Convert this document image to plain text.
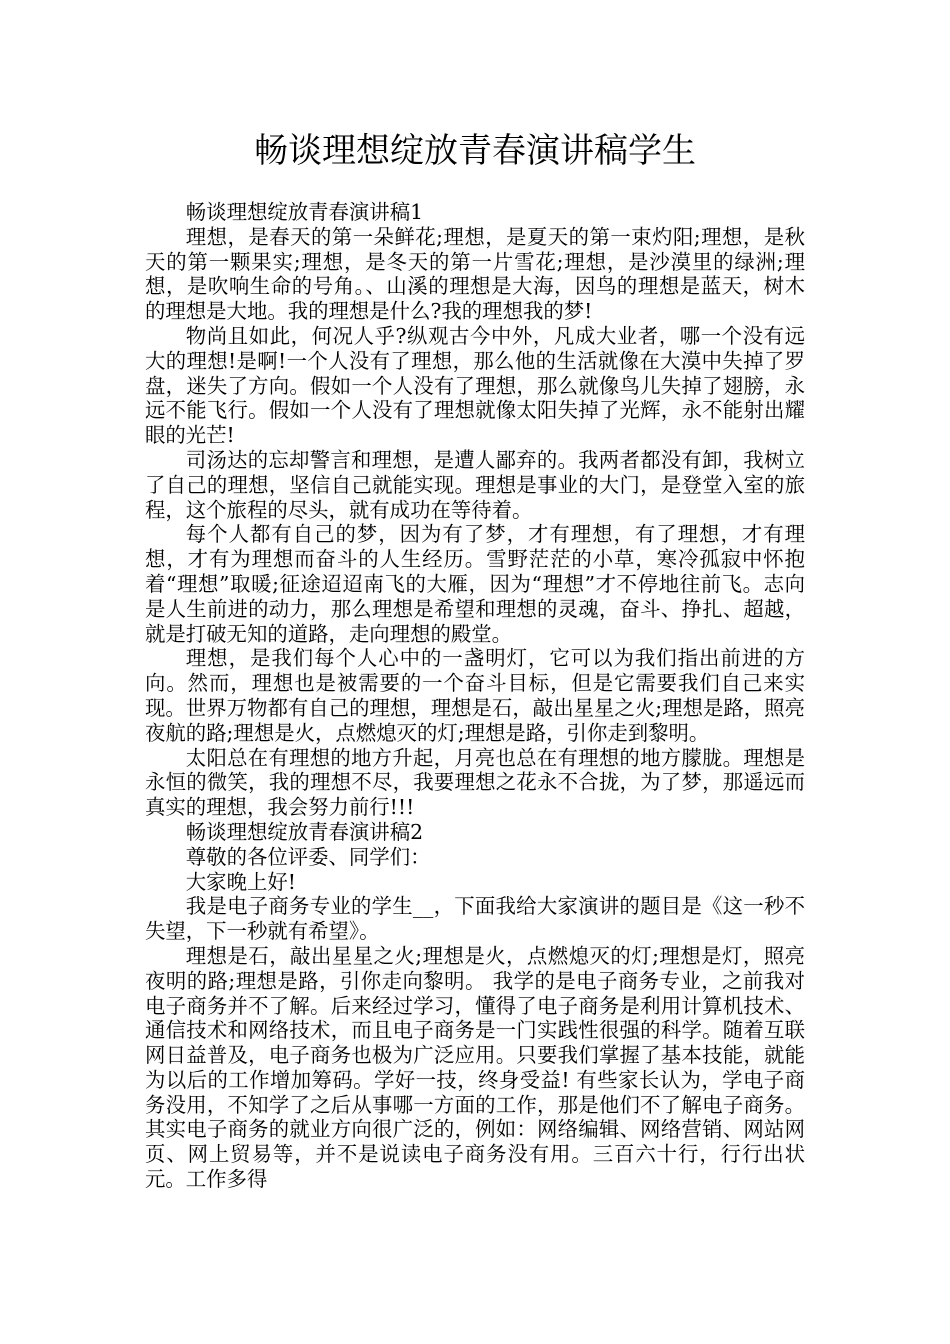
畅谈理想绽放青春演讲稿学生

畅谈理想绽放青春演讲稿1

理想，是春天的第一朵鲜花;理想，是夏天的第一束灼阳;理想，是秋天的第一颗果实;理想，是冬天的第一片雪花;理想，是沙漠里的绿洲;理想，是吹响生命的号角。、山溪的理想是大海，因鸟的理想是蓝天，树木的理想是大地。我的理想是什么?我的理想我的梦!

物尚且如此，何况人乎?纵观古今中外，凡成大业者，哪一个没有远大的理想!是啊!一个人没有了理想，那么他的生活就像在大漠中失掉了罗盘，迷失了方向。假如一个人没有了理想，那么就像鸟儿失掉了翅膀，永远不能飞行。假如一个人没有了理想就像太阳失掉了光辉，永不能射出耀眼的光芒!

司汤达的忘却警言和理想，是遭人鄙弃的。我两者都没有卸，我树立了自己的理想，坚信自己就能实现。理想是事业的大门，是登堂入室的旅程，这个旅程的尽头，就有成功在等待着。

每个人都有自己的梦，因为有了梦，才有理想，有了理想，才有理想，才有为理想而奋斗的人生经历。雪野茫茫的小草，寒冷孤寂中怀抱着“理想”取暖;征途迢迢南飞的大雁，因为“理想”才不停地往前飞。志向是人生前进的动力，那么理想是希望和理想的灵魂，奋斗、挣扎、超越，就是打破无知的道路，走向理想的殿堂。

理想，是我们每个人心中的一盏明灯，它可以为我们指出前进的方向。然而，理想也是被需要的一个奋斗目标，但是它需要我们自己来实现。世界万物都有自己的理想，理想是石，敲出星星之火;理想是路，照亮夜航的路;理想是火，点燃熄灭的灯;理想是路，引你走到黎明。

太阳总在有理想的地方升起，月亮也总在有理想的地方朦胧。理想是永恒的微笑，我的理想不尽，我要理想之花永不合拢，为了梦，那遥远而真实的理想，我会努力前行!!!

畅谈理想绽放青春演讲稿2

尊敬的各位评委、同学们：

大家晚上好!

我是电子商务专业的学生__，下面我给大家演讲的题目是《这一秒不失望，下一秒就有希望》。

理想是石，敲出星星之火;理想是火，点燃熄灭的灯;理想是灯，照亮夜明的路;理想是路，引你走向黎明。 我学的是电子商务专业，之前我对电子商务并不了解。后来经过学习，懂得了电子商务是利用计算机技术、通信技术和网络技术，而且电子商务是一门实践性很强的科学。随着互联网日益普及，电子商务也极为广泛应用。只要我们掌握了基本技能，就能为以后的工作增加筹码。学好一技，终身受益! 有些家长认为，学电子商务没用，不知学了之后从事哪一方面的工作，那是他们不了解电子商务。其实电子商务的就业方向很广泛的，例如：网络编辑、网络营销、网站网页、网上贸易等，并不是说读电子商务没有用。三百六十行，行行出状元。工作多得
